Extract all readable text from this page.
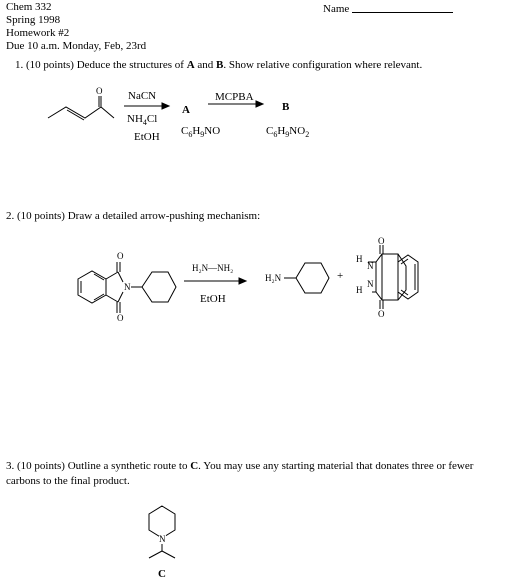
Chem 332
Spring 1998
Homework #2
Due 10 a.m. Monday, Feb, 23rd
Name
1. (10 points) Deduce the structures of A and B. Show relative configuration where relevant.
O NaCN
$NH_4Cl$
EtOH
A
MCPBA
B
$C_6H_9NO$	$C_6H_9NO_2$
2. (10 points) Draw a detailed arrow-pushing mechanism:
O
N
O
H₂N—NH₂
EtOH
H₂N	+
O
H
N
N
H
O
3. (10 points) Outline a synthetic route to C. You may use any starting material that donates three or fewer
carbons to the final product.
N
C
